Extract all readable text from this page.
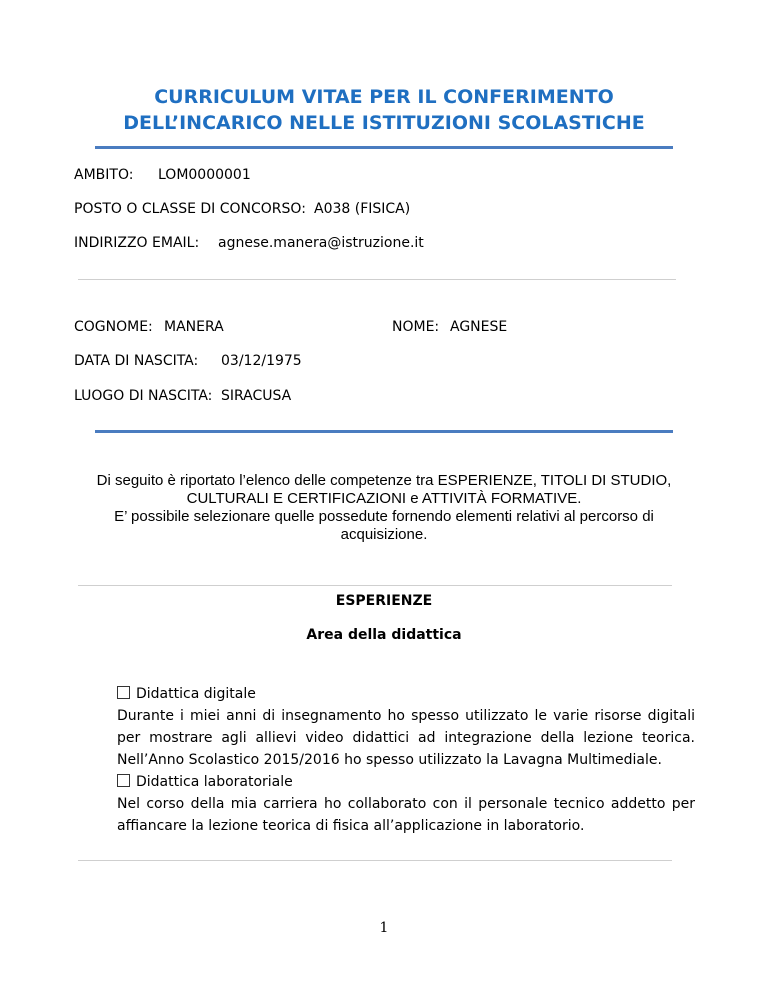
CURRICULUM VITAE PER IL CONFERIMENTO
DELL’INCARICO NELLE ISTITUZIONI SCOLASTICHE
AMBITO: LOM0000001
POSTO O CLASSE DI CONCORSO: A038 (FISICA)
INDIRIZZO EMAIL: agnese.manera@istruzione.it
COGNOME: MANERA	NOME: AGNESE
DATA DI NASCITA: 03/12/1975
LUOGO DI NASCITA: SIRACUSA
Di seguito è riportato l’elenco delle competenze tra ESPERIENZE, TITOLI DI STUDIO,
CULTURALI E CERTIFICAZIONI e ATTIVITÀ FORMATIVE.
E’ possibile selezionare quelle possedute fornendo elementi relativi al percorso di
acquisizione.
ESPERIENZE
Area della didattica
Didattica digitale
Durante i miei anni di insegnamento ho spesso utilizzato le varie risorse digitali per mostrare agli allievi video didattici ad integrazione della lezione teorica. Nell’Anno Scolastico 2015/2016 ho spesso utilizzato la Lavagna Multimediale.
Didattica laboratoriale
Nel corso della mia carriera ho collaborato con il personale tecnico addetto per affiancare la lezione teorica di fisica all’applicazione in laboratorio.
1
